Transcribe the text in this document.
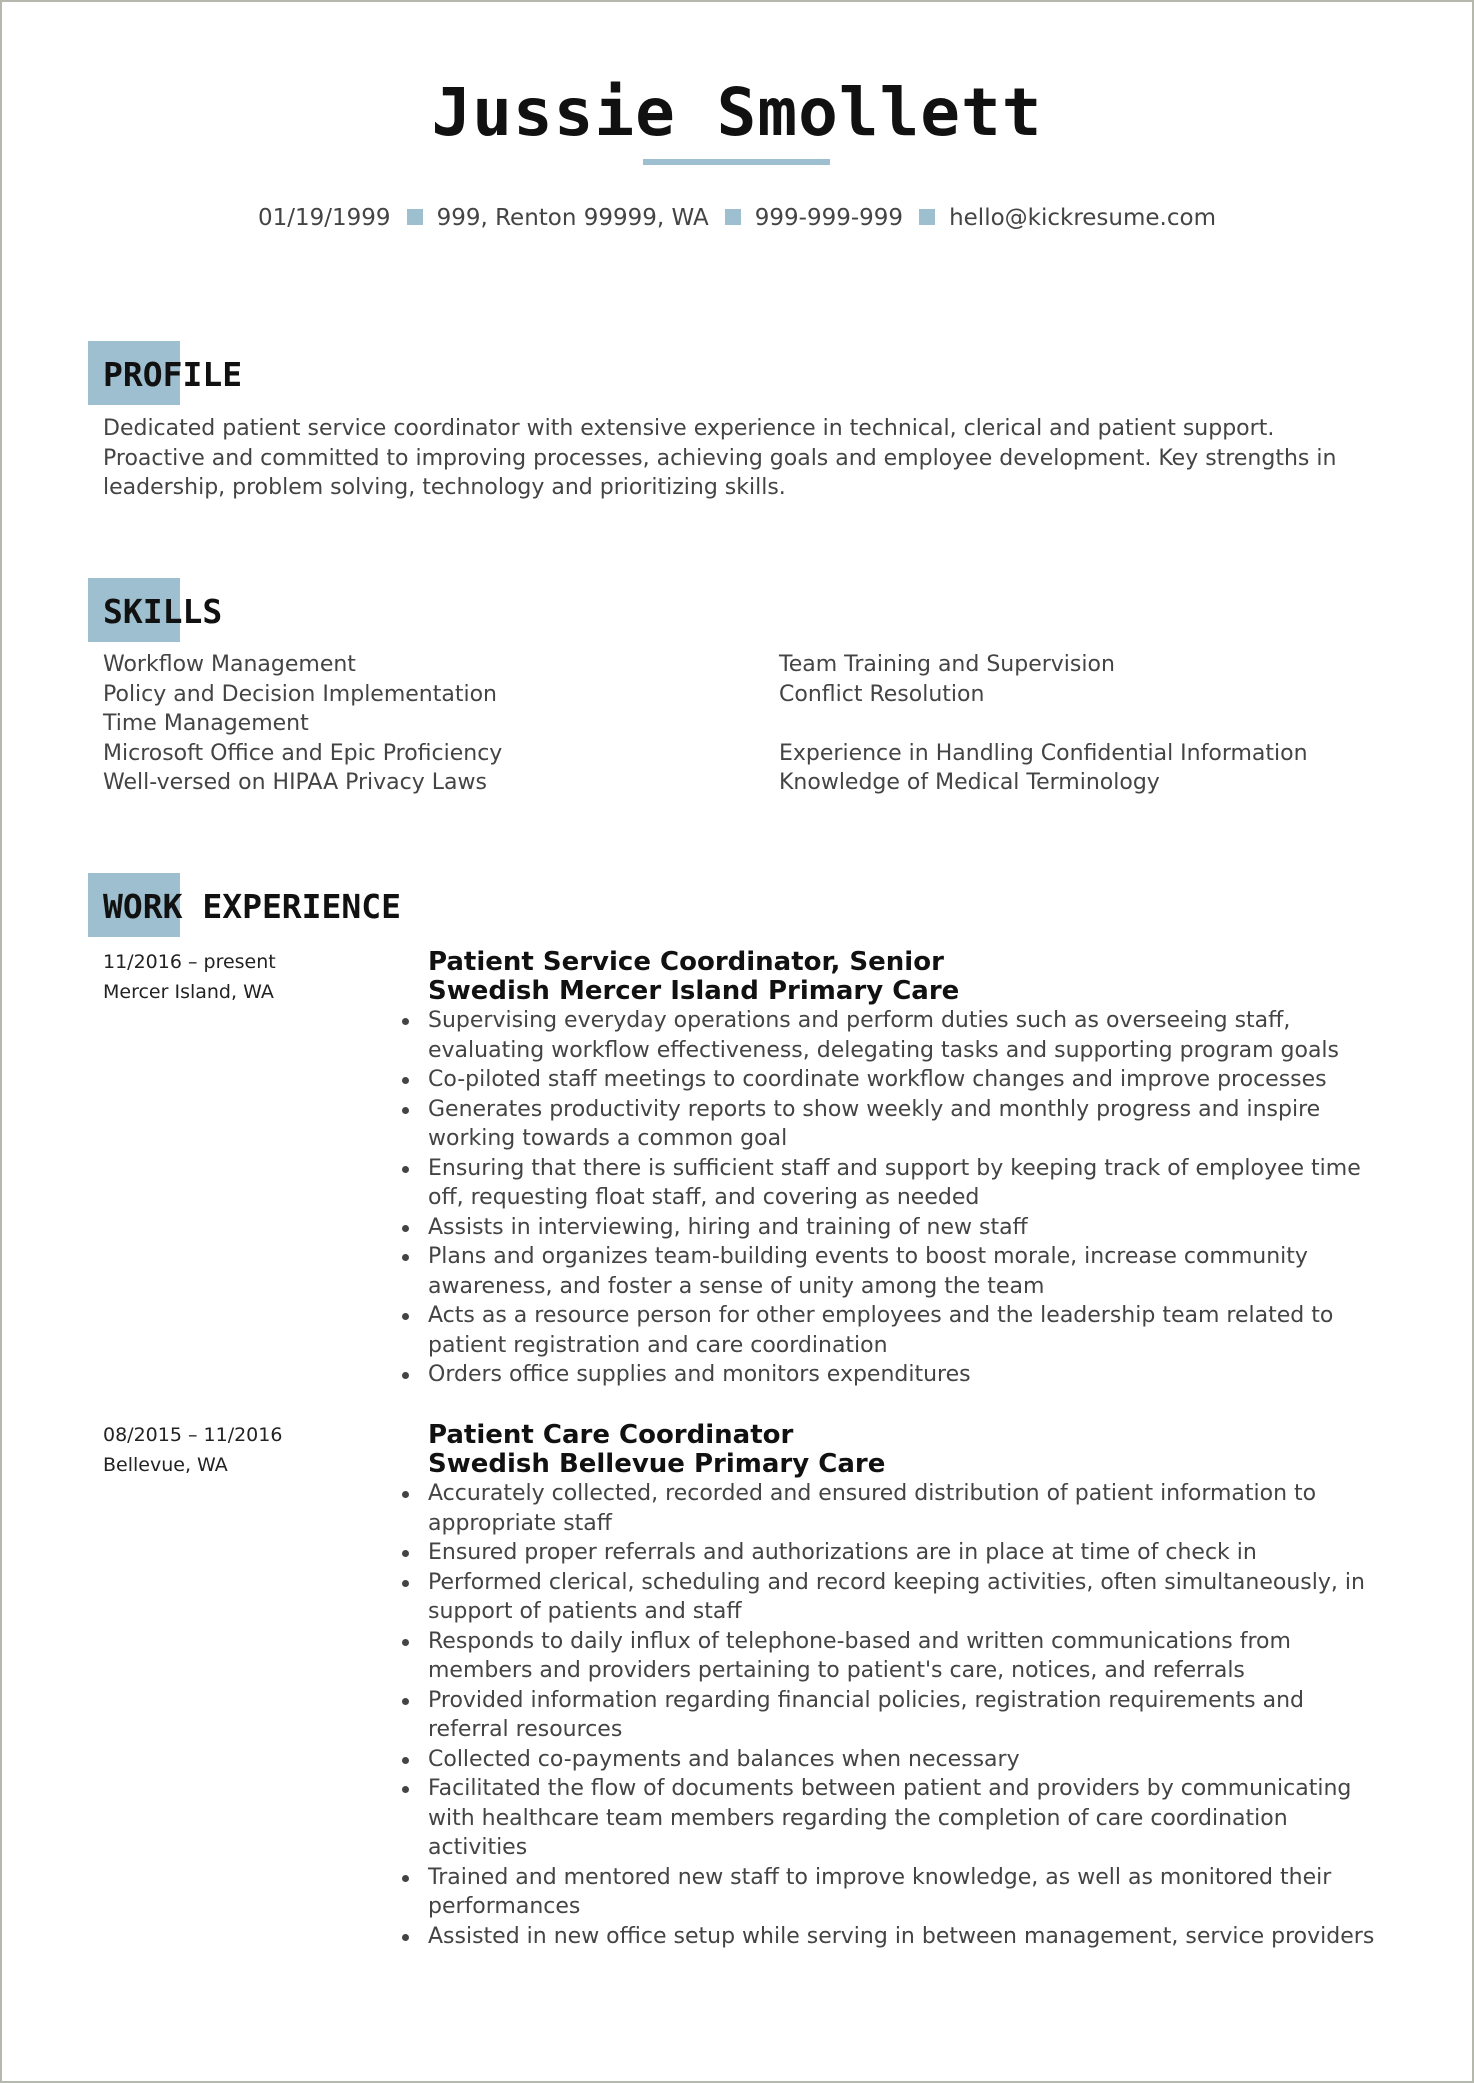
Jussie Smollett
01/19/1999 999, Renton 99999, WA 999-999-999 hello@kickresume.com
PROFILE
Dedicated patient service coordinator with extensive experience in technical, clerical and patient support. Proactive and committed to improving processes, achieving goals and employee development. Key strengths in leadership, problem solving, technology and prioritizing skills.
SKILLS
Workflow Management
Policy and Decision Implementation
Time Management
Microsoft Office and Epic Proficiency
Well-versed on HIPAA Privacy Laws
Team Training and Supervision
Conflict Resolution
Experience in Handling Confidential Information
Knowledge of Medical Terminology
WORK EXPERIENCE
11/2016 – present
Mercer Island, WA
Patient Service Coordinator, Senior
Swedish Mercer Island Primary Care
Supervising everyday operations and perform duties such as overseeing staff, evaluating workflow effectiveness, delegating tasks and supporting program goals
Co-piloted staff meetings to coordinate workflow changes and improve processes
Generates productivity reports to show weekly and monthly progress and inspire working towards a common goal
Ensuring that there is sufficient staff and support by keeping track of employee time off, requesting float staff, and covering as needed
Assists in interviewing, hiring and training of new staff
Plans and organizes team-building events to boost morale, increase community awareness, and foster a sense of unity among the team
Acts as a resource person for other employees and the leadership team related to patient registration and care coordination
Orders office supplies and monitors expenditures
08/2015 – 11/2016
Bellevue, WA
Patient Care Coordinator
Swedish Bellevue Primary Care
Accurately collected, recorded and ensured distribution of patient information to appropriate staff
Ensured proper referrals and authorizations are in place at time of check in
Performed clerical, scheduling and record keeping activities, often simultaneously, in support of patients and staff
Responds to daily influx of telephone-based and written communications from members and providers pertaining to patient's care, notices, and referrals
Provided information regarding financial policies, registration requirements and referral resources
Collected co-payments and balances when necessary
Facilitated the flow of documents between patient and providers by communicating with healthcare team members regarding the completion of care coordination activities
Trained and mentored new staff to improve knowledge, as well as monitored their performances
Assisted in new office setup while serving in between management, service providers
